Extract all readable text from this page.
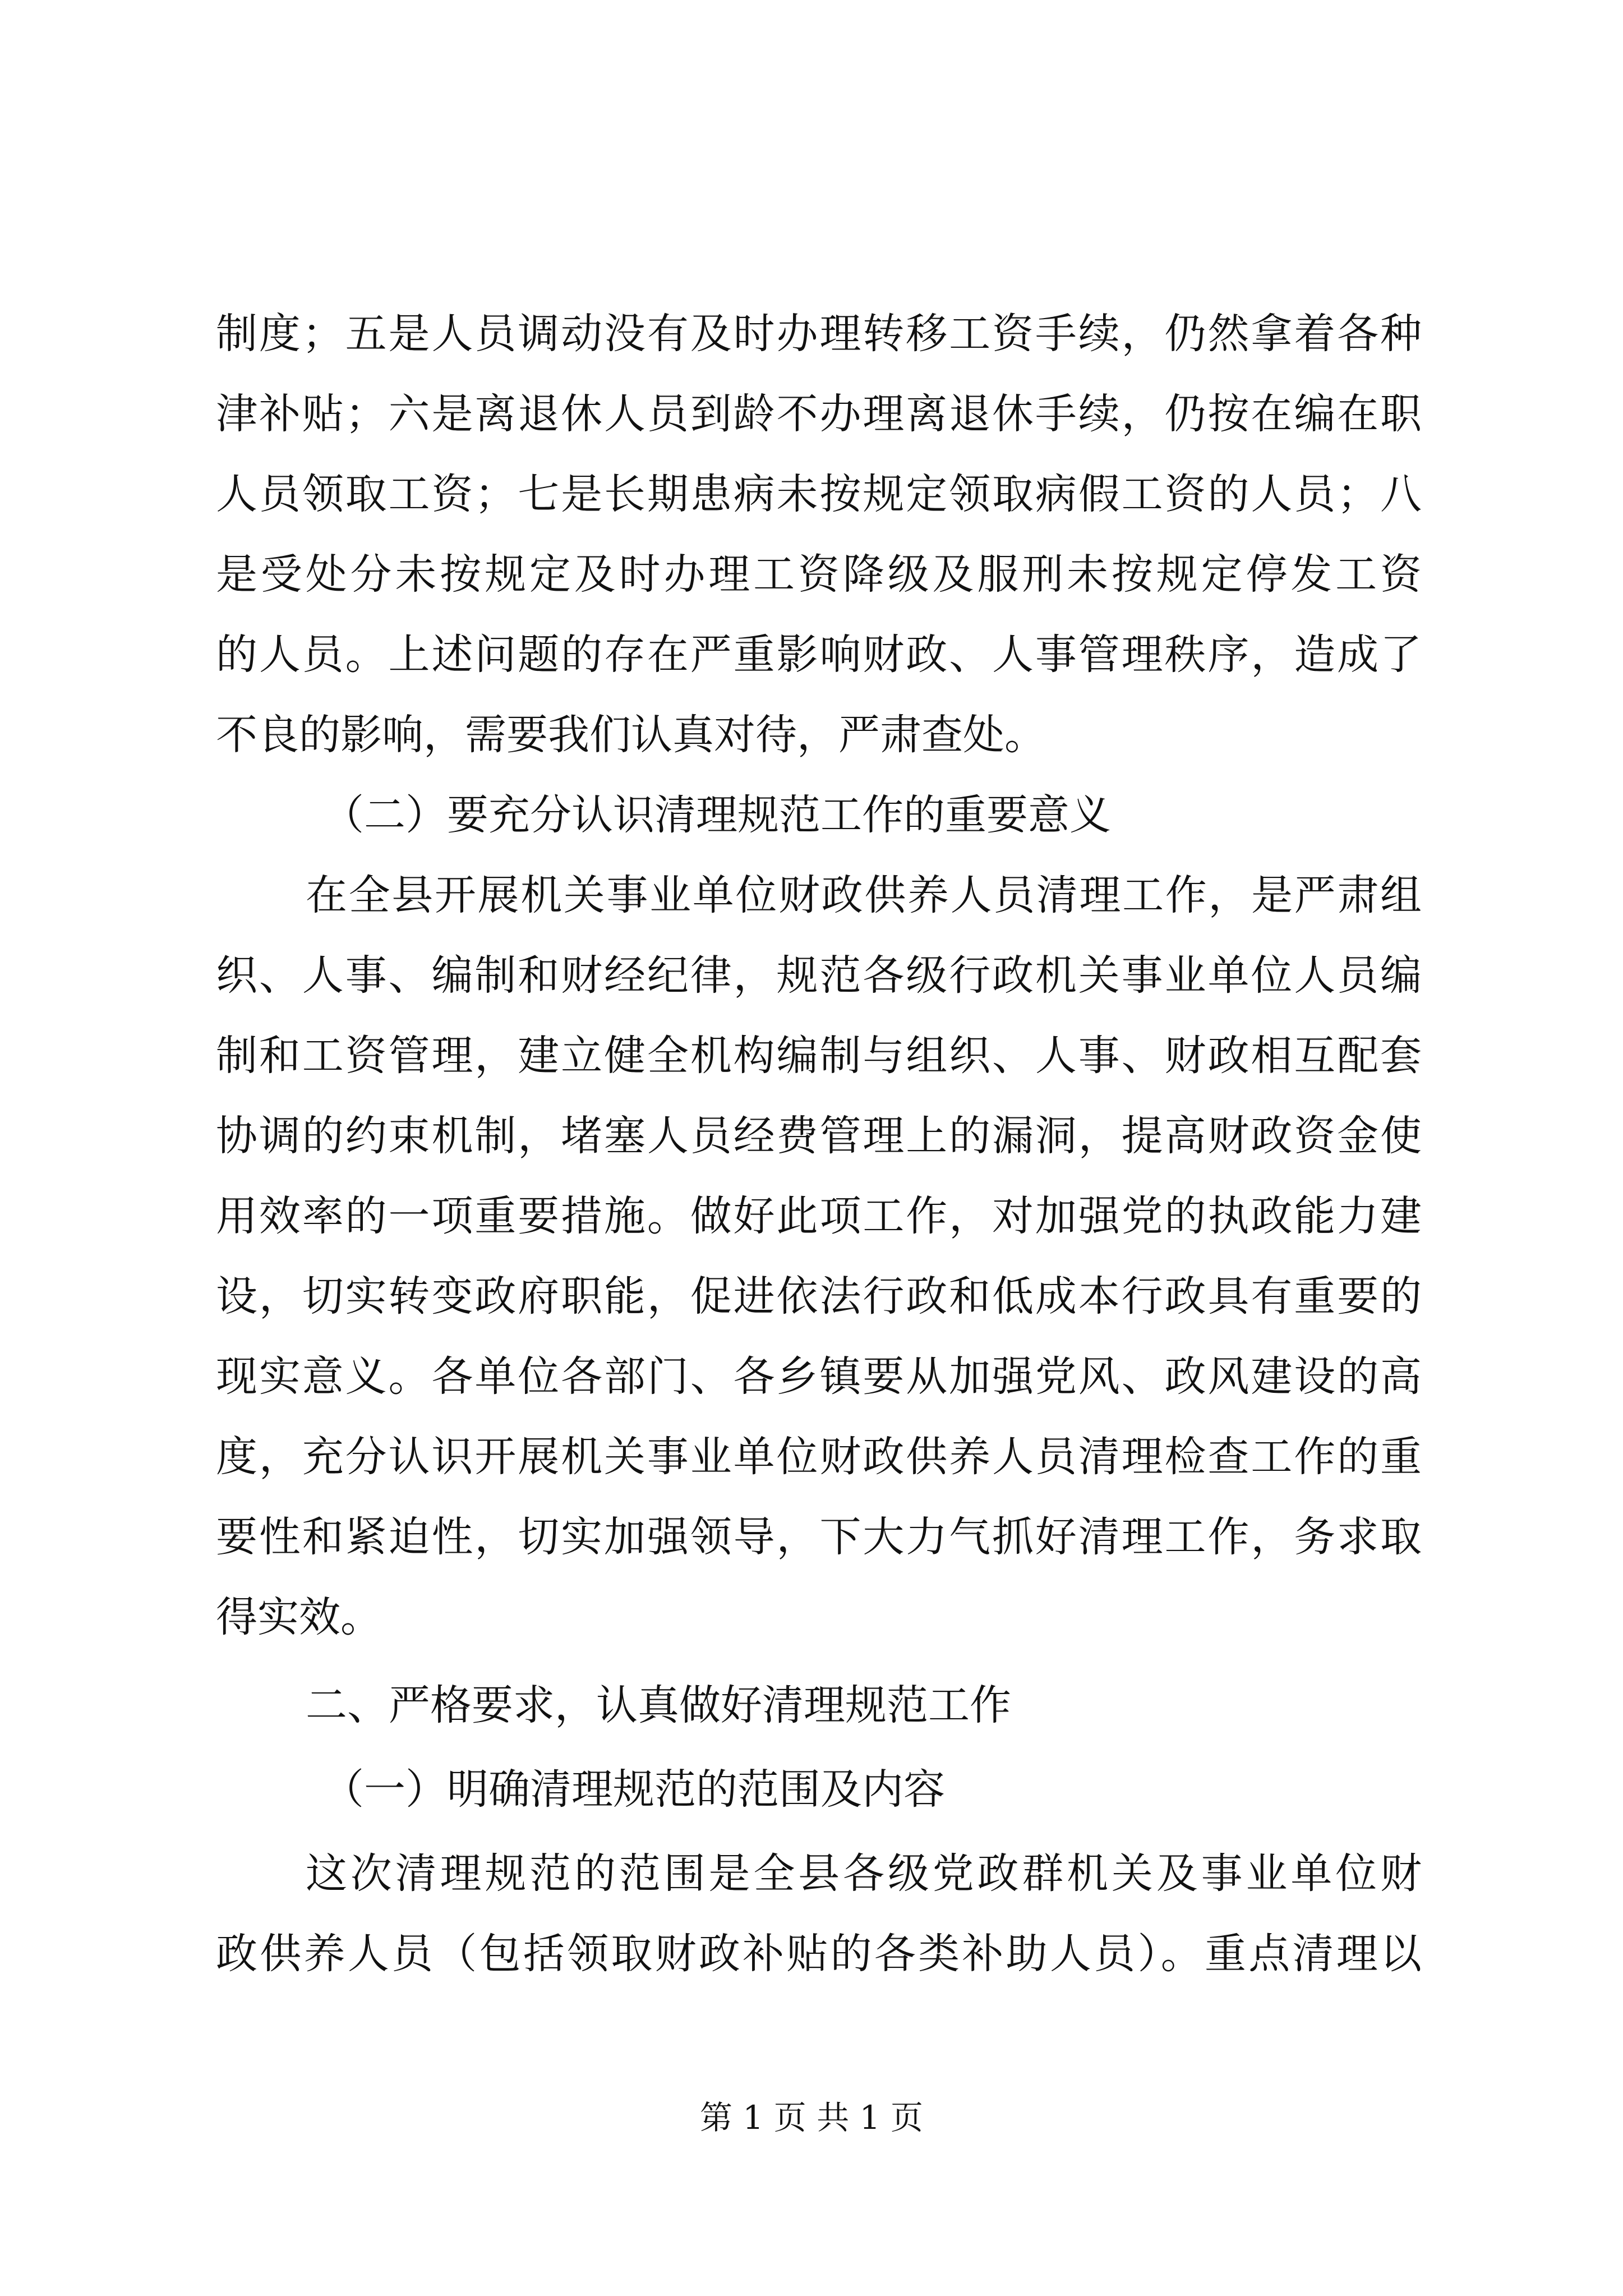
制度；五是人员调动没有及时办理转移工资手续，仍然拿着各种
津补贴；六是离退休人员到龄不办理离退休手续，仍按在编在职
人员领取工资；七是长期患病未按规定领取病假工资的人员；八
是受处分未按规定及时办理工资降级及服刑未按规定停发工资
的人员。上述问题的存在严重影响财政、人事管理秩序，造成了
不良的影响，需要我们认真对待，严肃查处。
（二）要充分认识清理规范工作的重要意义
在全县开展机关事业单位财政供养人员清理工作，是严肃组
织、人事、编制和财经纪律，规范各级行政机关事业单位人员编
制和工资管理，建立健全机构编制与组织、人事、财政相互配套
协调的约束机制，堵塞人员经费管理上的漏洞，提高财政资金使
用效率的一项重要措施。做好此项工作，对加强党的执政能力建
设，切实转变政府职能，促进依法行政和低成本行政具有重要的
现实意义。各单位各部门、各乡镇要从加强党风、政风建设的高
度，充分认识开展机关事业单位财政供养人员清理检查工作的重
要性和紧迫性，切实加强领导，下大力气抓好清理工作，务求取
得实效。
二、严格要求，认真做好清理规范工作
（一）明确清理规范的范围及内容
这次清理规范的范围是全县各级党政群机关及事业单位财
政供养人员（包括领取财政补贴的各类补助人员）。重点清理以
第 1 页 共 1 页
